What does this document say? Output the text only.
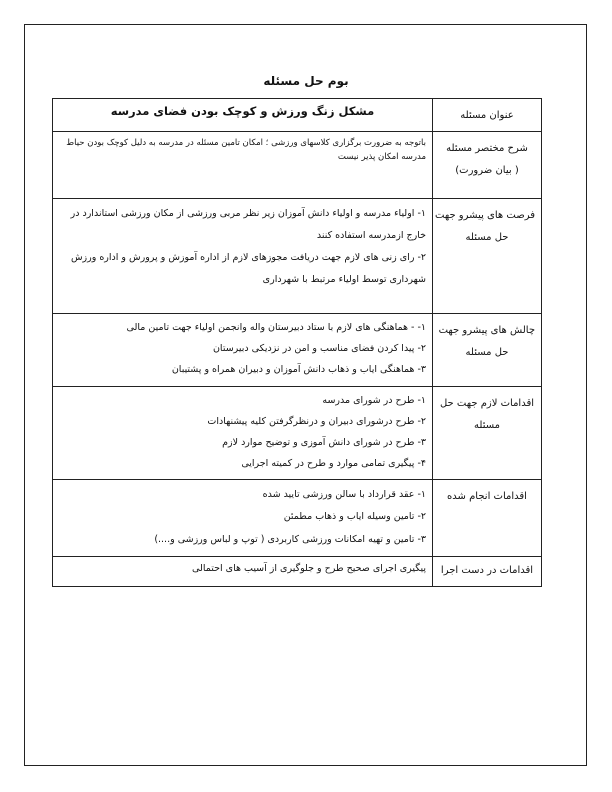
بوم حل مسئله
عنوان مسئله	مشکل زنگ ورزش و کوچک بودن فضای مدرسه

شرح مختصر مسئله
( بیان ضرورت)	باتوجه به ضرورت برگزاری کلاسهای ورزشی ؛ امکان تامین مسئله در مدرسه به دلیل کوچک بودن حیاط مدرسه امکان پذیر نیست

فرصت های پیشرو جهت
حل مسئله	۱- اولیاء مدرسه و اولیاء دانش آموزان زیر نظر مربی ورزشی از مکان ورزشی استاندارد در خارج ازمدرسه استفاده کنند
۲- رای زنی های لازم جهت دریافت مجوزهای لازم از اداره آموزش و پرورش و اداره ورزش شهرداری توسط اولیاء مرتبط با شهرداری

چالش های پیشرو جهت
حل مسئله	۱- - هماهنگی های لازم با ستاد دبیرستان واله وانجمن اولیاء جهت تامین مالی
۲- پیدا کردن فضای مناسب و امن در نزدیکی دبیرستان
۳- هماهنگی ایاب و ذهاب دانش آموزان و دبیران همراه و پشتیبان

اقدامات لازم جهت حل
مسئله	۱- طرح در شورای مدرسه
۲- طرح درشورای دبیران و درنظرگرفتن کلیه پیشنهادات
۳- طرح در شورای دانش آموزی و توضیح موارد لازم
۴- پیگیری تمامی موارد و طرح در کمیته اجرایی

اقدامات انجام شده	۱- عقد قرارداد با سالن ورزشی تایید شده
۲- تامین وسیله ایاب و ذهاب مطمئن
۳- تامین و تهیه امکانات ورزشی کاربردی ( توپ و لباس ورزشی و....)

اقدامات در دست اجرا	پیگیری اجرای صحیح طرح و جلوگیری از آسیب های احتمالی
